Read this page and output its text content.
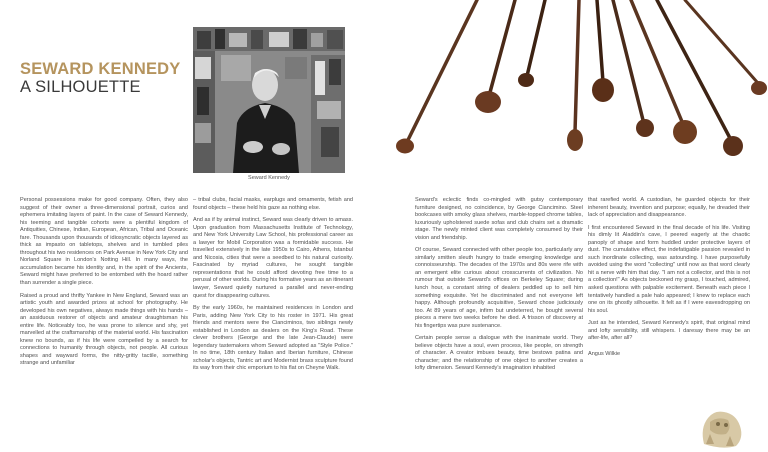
SEWARD KENNEDY
A SILHOUETTE
Seward Kennedy

Personal possessions make for good company. Often, they also suggest of their owner a three-dimensional portrait, curios and ephemera imitating layers of paint. In the case of Seward Kennedy, his teeming and tangible cohorts were a plentiful kingdom of Antiquities, Chinese, Indian, European, African, Tribal and Oceanic fare. Thousands upon thousands of idiosyncratic objects layered as thick as impasto on tabletops, shelves and in tumbled piles throughout his two residences on Park Avenue in New York City and Norland Square in London's Notting Hill. In many ways, the accumulation became his identity and, in the spirit of the Ancients, Seward might have preferred to be entombed with the hoard rather than surrender a single piece.

Raised a proud and thrifty Yankee in New England, Seward was an artistic youth and awarded prizes at school for photography. He developed his own negatives, always made things with his hands – an assiduous restorer of objects and amateur draughtsman his entire life. Noticeably too, he was prone to silence and shy, yet marvelled at the craftsmanship of the material world. His fascination knew no bounds, as if his life were compelled by a search for connections to humanity through objects, not people. All curious shapes and wayward forms, the nitty-gritty tactile, something strange and unfamiliar

– tribal clubs, facial masks, earplugs and ornaments, fetish and found objects – these held his gaze as nothing else.

And as if by animal instinct, Seward was clearly driven to amass. Upon graduation from Massachusetts Institute of Technology, and New York University Law School, his professional career as a lawyer for Mobil Corporation was a formidable success. He travelled extensively in the late 1950s to Cairo, Athens, Istanbul and Nicosia, cities that were a seedbed to his natural curiosity. Fascinated by myriad cultures, he sought tangible representations that he could afford devoting free time to a perusal of other worlds. During his formative years as an itinerant lawyer, Seward quietly nurtured a parallel and never-ending quest for disappearing cultures.

By the early 1960s, he maintained residences in London and Paris, adding New York City to his roster in 1971. His great friends and mentors were the Cianciminos, two siblings newly established in London as dealers on the King's Road. These clever brothers (George and the late Jean-Claude) were legendary tastemakers whom Seward adopted as "Style Police." In no time, 18th century Italian and Iberian furniture, Chinese scholar's objects, Tantric art and Modernist brass sculpture found its way from their chic emporium to his flat on Cheyne Walk.

Seward's eclectic finds co-mingled with gutsy contemporary furniture designed, no coincidence, by George Ciancimino. Steel bookcases with smoky glass shelves, marble-topped chrome tables, luxuriously upholstered suede sofas and club chairs set a dramatic stage. The newly minted client was completely consumed by their vision and friendship.

Of course, Seward connected with other people too, particularly any similarly smitten sleuth hungry to trade emerging knowledge and connoisseurship. The decades of the 1970s and 80s were rife with an emergent elite curious about crosscurrents of civilization. No rumour that outside Seward's offices on Berkeley Square; during lunch hour, a constant string of dealers peddled up to sell him something exquisite. Yet he discriminated and not everyone left happy. Although profoundly acquisitive, Seward chose judiciously too. At 89 years of age, infirm but undeterred, he bought several pieces a mere two weeks before he died. A frisson of discovery at his fingertips was pure sustenance.

Certain people sense a dialogue with the inanimate world. They believe objects have a soul, even process, like people, on strength of character. A creator imbues beauty, time bestows patina and character; and the relationship of one object to another creates a lofty dimension. Seward Kennedy's imagination inhabited

that rarefied world. A custodian, he guarded objects for their inherent beauty, invention and purpose; equally, he dreaded their lack of appreciation and disappearance.

I first encountered Seward in the final decade of his life. Visiting his dimly lit Aladdin's cave, I peered eagerly at the chaotic panoply of shape and form huddled under protective layers of dust. The cumulative effect, the indefatigable passion revealed in such inordinate collecting, was astounding. I have purposefully avoided using the word "collecting" until now as that word clearly hit a nerve with him that day. "I am not a collector, and this is not a collection!" As objects beckoned my grasp, I touched, admired, asked questions with palpable excitement. Beneath each piece I tentatively handled a pale halo appeared; I knew to replace each one on its ghostly silhouette. It felt as if I were eavesdropping on his soul.

Just as he intended, Seward Kennedy's spirit, that original mind and lofty sensibility, still whispers. I daresay there may be an after-life, after all?

Angus Wilkie
